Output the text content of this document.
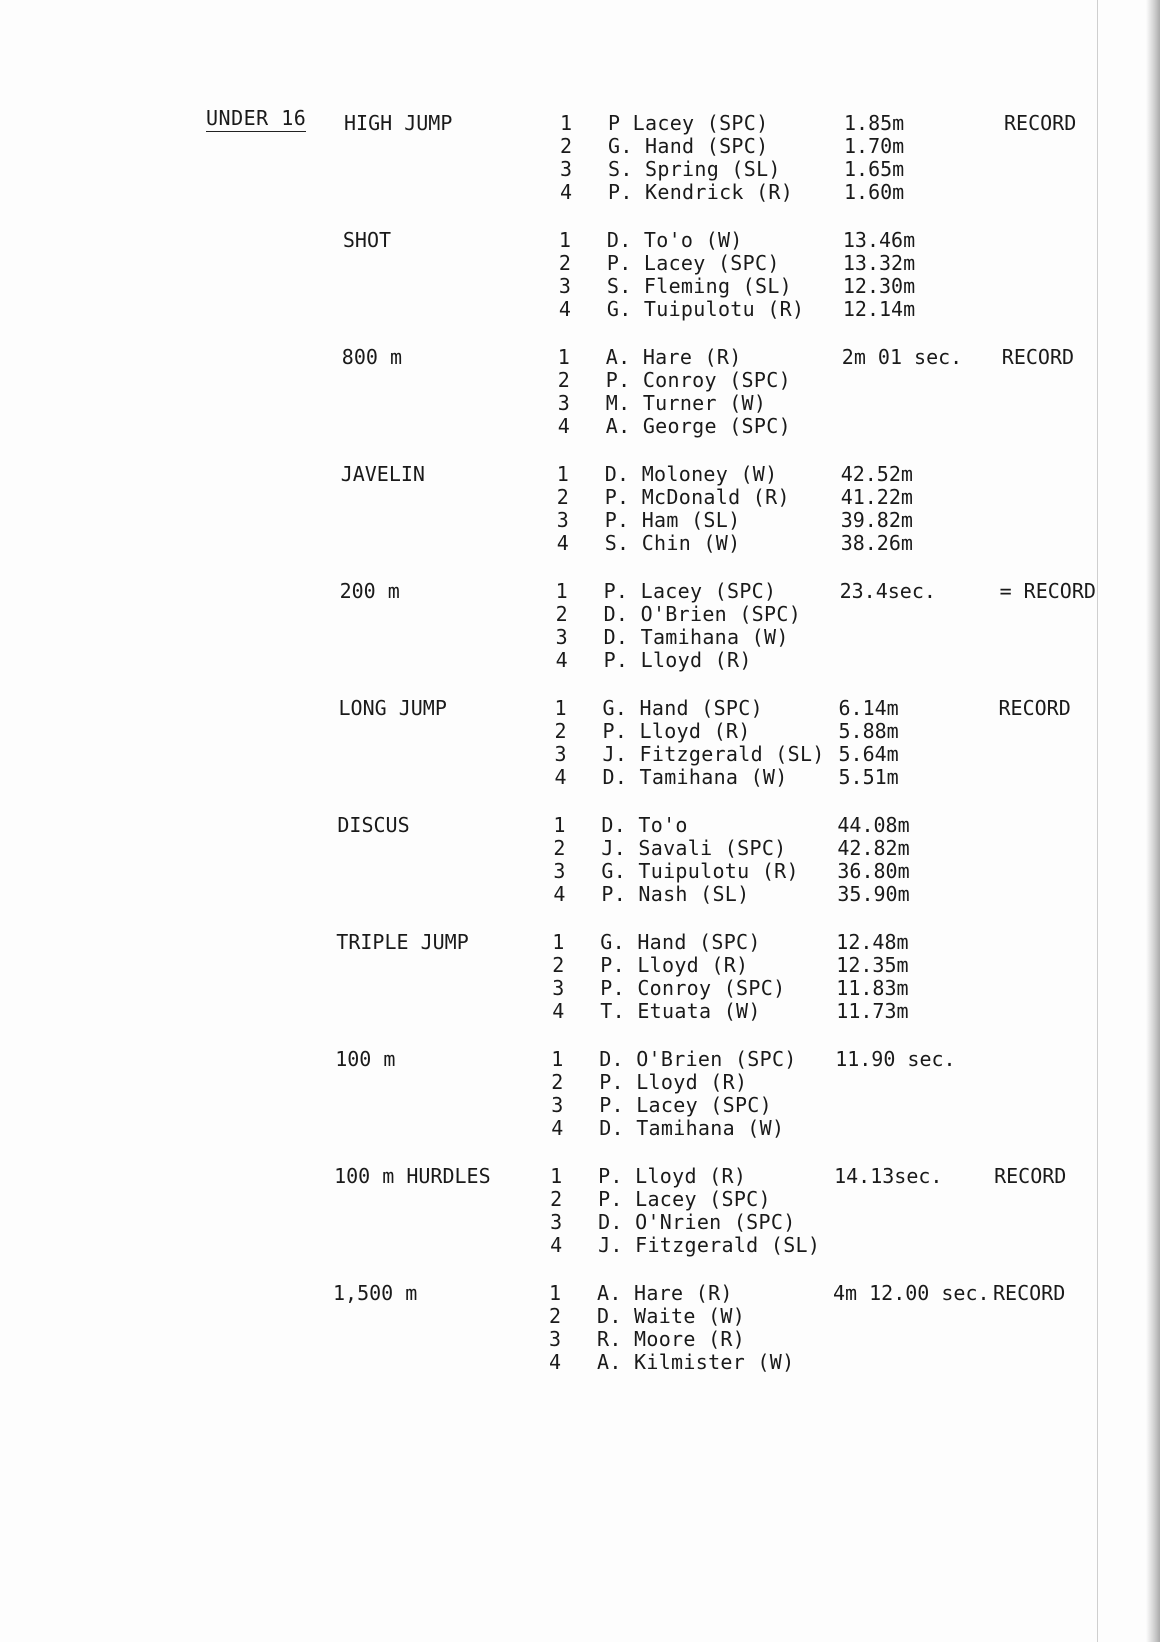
UNDER 16 HIGH JUMP	1 P Lacey (SPC)	1.85m	RECORD
2 G. Hand (SPC)	1.70m
3 S. Spring (SL)	1.65m
4 P. Kendrick (R)	1.60m
SHOT	1 D. To'o (W)	13.46m
2 P. Lacey (SPC)	13.32m
3 S. Fleming (SL)	12.30m
4 G. Tuipulotu (R) 12.14m
800 m	1 A. Hare (R)	2m 01 sec. RECORD
2 P. Conroy (SPC)
3 M. Turner (W)
4 A. George (SPC)
JAVELIN	1 D. Moloney (W)	42.52m
2 P. McDonald (R)	41.22m
3 P. Ham (SL)	39.82m
4 S. Chin (W)	38.26m
200 m	1 P. Lacey (SPC)	23.4sec.	= RECORD
2 D. O'Brien (SPC)
3 D. Tamihana (W)
4 P. Lloyd (R)
LONG JUMP	1 G. Hand (SPC)	6.14m	RECORD
2 P. Lloyd (R)	5.88m
3 J. Fitzgerald (SL) 5.64m
4 D. Tamihana (W)	5.51m
DISCUS	1 D. To'o	44.08m
2 J. Savali (SPC)	42.82m
3 G. Tuipulotu (R) 36.80m
4 P. Nash (SL)	35.90m
TRIPLE JUMP	1 G. Hand (SPC)	12.48m
2 P. Lloyd (R)	12.35m
3 P. Conroy (SPC)	11.83m
4 T. Etuata (W)	11.73m
100 m	1 D. O'Brien (SPC) 11.90 sec.
2 P. Lloyd (R)
3 P. Lacey (SPC)
4 D. Tamihana (W)
100 m HURDLES	1 P. Lloyd (R)	14.13sec.	RECORD
2 P. Lacey (SPC)
3 D. O'Nrien (SPC)
4 J. Fitzgerald (SL)
1,500 m	1 A. Hare (R)	4m 12.00 sec. RECORD
2 D. Waite (W)
3 R. Moore (R)
4 A. Kilmister (W)
